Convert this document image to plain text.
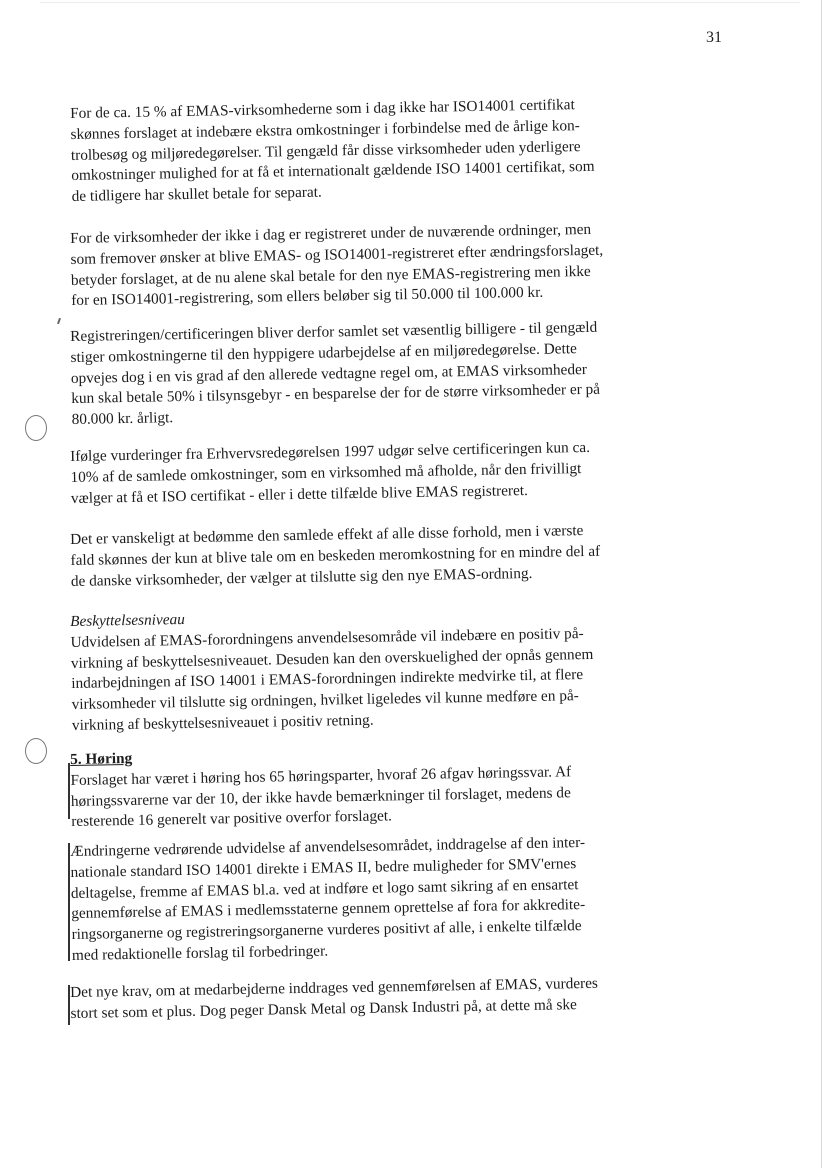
31

For de ca. 15 % af EMAS-virksomhederne som i dag ikke har ISO14001 certifikat
skønnes forslaget at indebære ekstra omkostninger i forbindelse med de årlige kon-
trolbesøg og miljøredegørelser. Til gengæld får disse virksomheder uden yderligere
omkostninger mulighed for at få et internationalt gældende ISO 14001 certifikat, som
de tidligere har skullet betale for separat.

For de virksomheder der ikke i dag er registreret under de nuværende ordninger, men
som fremover ønsker at blive EMAS- og ISO14001-registreret efter ændringsforslaget,
betyder forslaget, at de nu alene skal betale for den nye EMAS-registrering men ikke
for en ISO14001-registrering, som ellers beløber sig til 50.000 til 100.000 kr.

Registreringen/certificeringen bliver derfor samlet set væsentlig billigere - til gengæld
stiger omkostningerne til den hyppigere udarbejdelse af en miljøredegørelse. Dette
opvejes dog i en vis grad af den allerede vedtagne regel om, at EMAS virksomheder
kun skal betale 50% i tilsynsgebyr - en besparelse der for de større virksomheder er på
80.000 kr. årligt.

Ifølge vurderinger fra Erhvervsredegørelsen 1997 udgør selve certificeringen kun ca.
10% af de samlede omkostninger, som en virksomhed må afholde, når den frivilligt
vælger at få et ISO certifikat - eller i dette tilfælde blive EMAS registreret.

Det er vanskeligt at bedømme den samlede effekt af alle disse forhold, men i værste
fald skønnes der kun at blive tale om en beskeden meromkostning for en mindre del af
de danske virksomheder, der vælger at tilslutte sig den nye EMAS-ordning.

Beskyttelsesniveau
Udvidelsen af EMAS-forordningens anvendelsesområde vil indebære en positiv på-
virkning af beskyttelsesniveauet. Desuden kan den overskuelighed der opnås gennem
indarbejdningen af ISO 14001 i EMAS-forordningen indirekte medvirke til, at flere
virksomheder vil tilslutte sig ordningen, hvilket ligeledes vil kunne medføre en på-
virkning af beskyttelsesniveauet i positiv retning.

5. Høring
Forslaget har været i høring hos 65 høringsparter, hvoraf 26 afgav høringssvar. Af
høringssvarerne var der 10, der ikke havde bemærkninger til forslaget, medens de
resterende 16 generelt var positive overfor forslaget.

Ændringerne vedrørende udvidelse af anvendelsesområdet, inddragelse af den inter-
nationale standard ISO 14001 direkte i EMAS II, bedre muligheder for SMV'ernes
deltagelse, fremme af EMAS bl.a. ved at indføre et logo samt sikring af en ensartet
gennemførelse af EMAS i medlemsstaterne gennem oprettelse af fora for akkredite-
ringsorganerne og registreringsorganerne vurderes positivt af alle, i enkelte tilfælde
med redaktionelle forslag til forbedringer.

Det nye krav, om at medarbejderne inddrages ved gennemførelsen af EMAS, vurderes
stort set som et plus. Dog peger Dansk Metal og Dansk Industri på, at dette må ske
